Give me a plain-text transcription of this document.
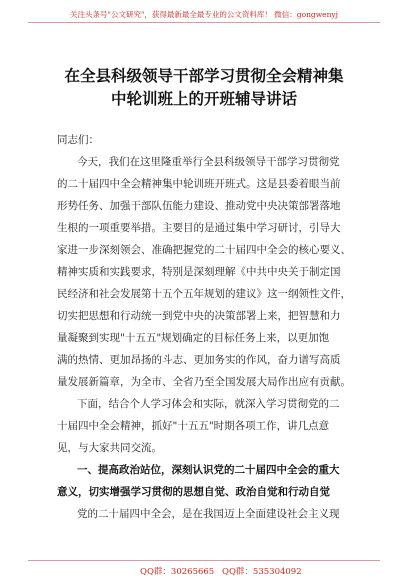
关注头条号"公文研究"，获得最新最全最专业的公文资料库！ 微信：gongwenyj
在全县科级领导干部学习贯彻全会精神集
中轮训班上的开班辅导讲话
同志们：
今天，我们在这里隆重举行全县科级领导干部学习贯彻党
的二十届四中全会精神集中轮训班开班式。这是县委着眼当前
形势任务、加强干部队伍能力建设、推动党中央决策部署落地
生根的一项重要举措。主要目的是通过集中学习研讨，引导大
家进一步深刻领会、准确把握党的二十届四中全会的核心要义、
精神实质和实践要求，特别是深刻理解《中共中央关于制定国
民经济和社会发展第十五个五年规划的建议》这一纲领性文件，
切实把思想和行动统一到党中央的决策部署上来，把智慧和力
量凝聚到实现"十五五"规划确定的目标任务上来，以更加饱
满的热情、更加昂扬的斗志、更加务实的作风，奋力谱写高质
量发展新篇章，为全市、全省乃至全国发展大局作出应有贡献。
下面，结合个人学习体会和实际，就深入学习贯彻党的二
十届四中全会精神，抓好"十五五"时期各项工作，讲几点意
见，与大家共同交流。
一、提高政治站位，深刻认识党的二十届四中全会的重大
意义，切实增强学习贯彻的思想自觉、政治自觉和行动自觉
党的二十届四中全会，是在我国迈上全面建设社会主义现
QQ群：30265665 QQ群：535304092
